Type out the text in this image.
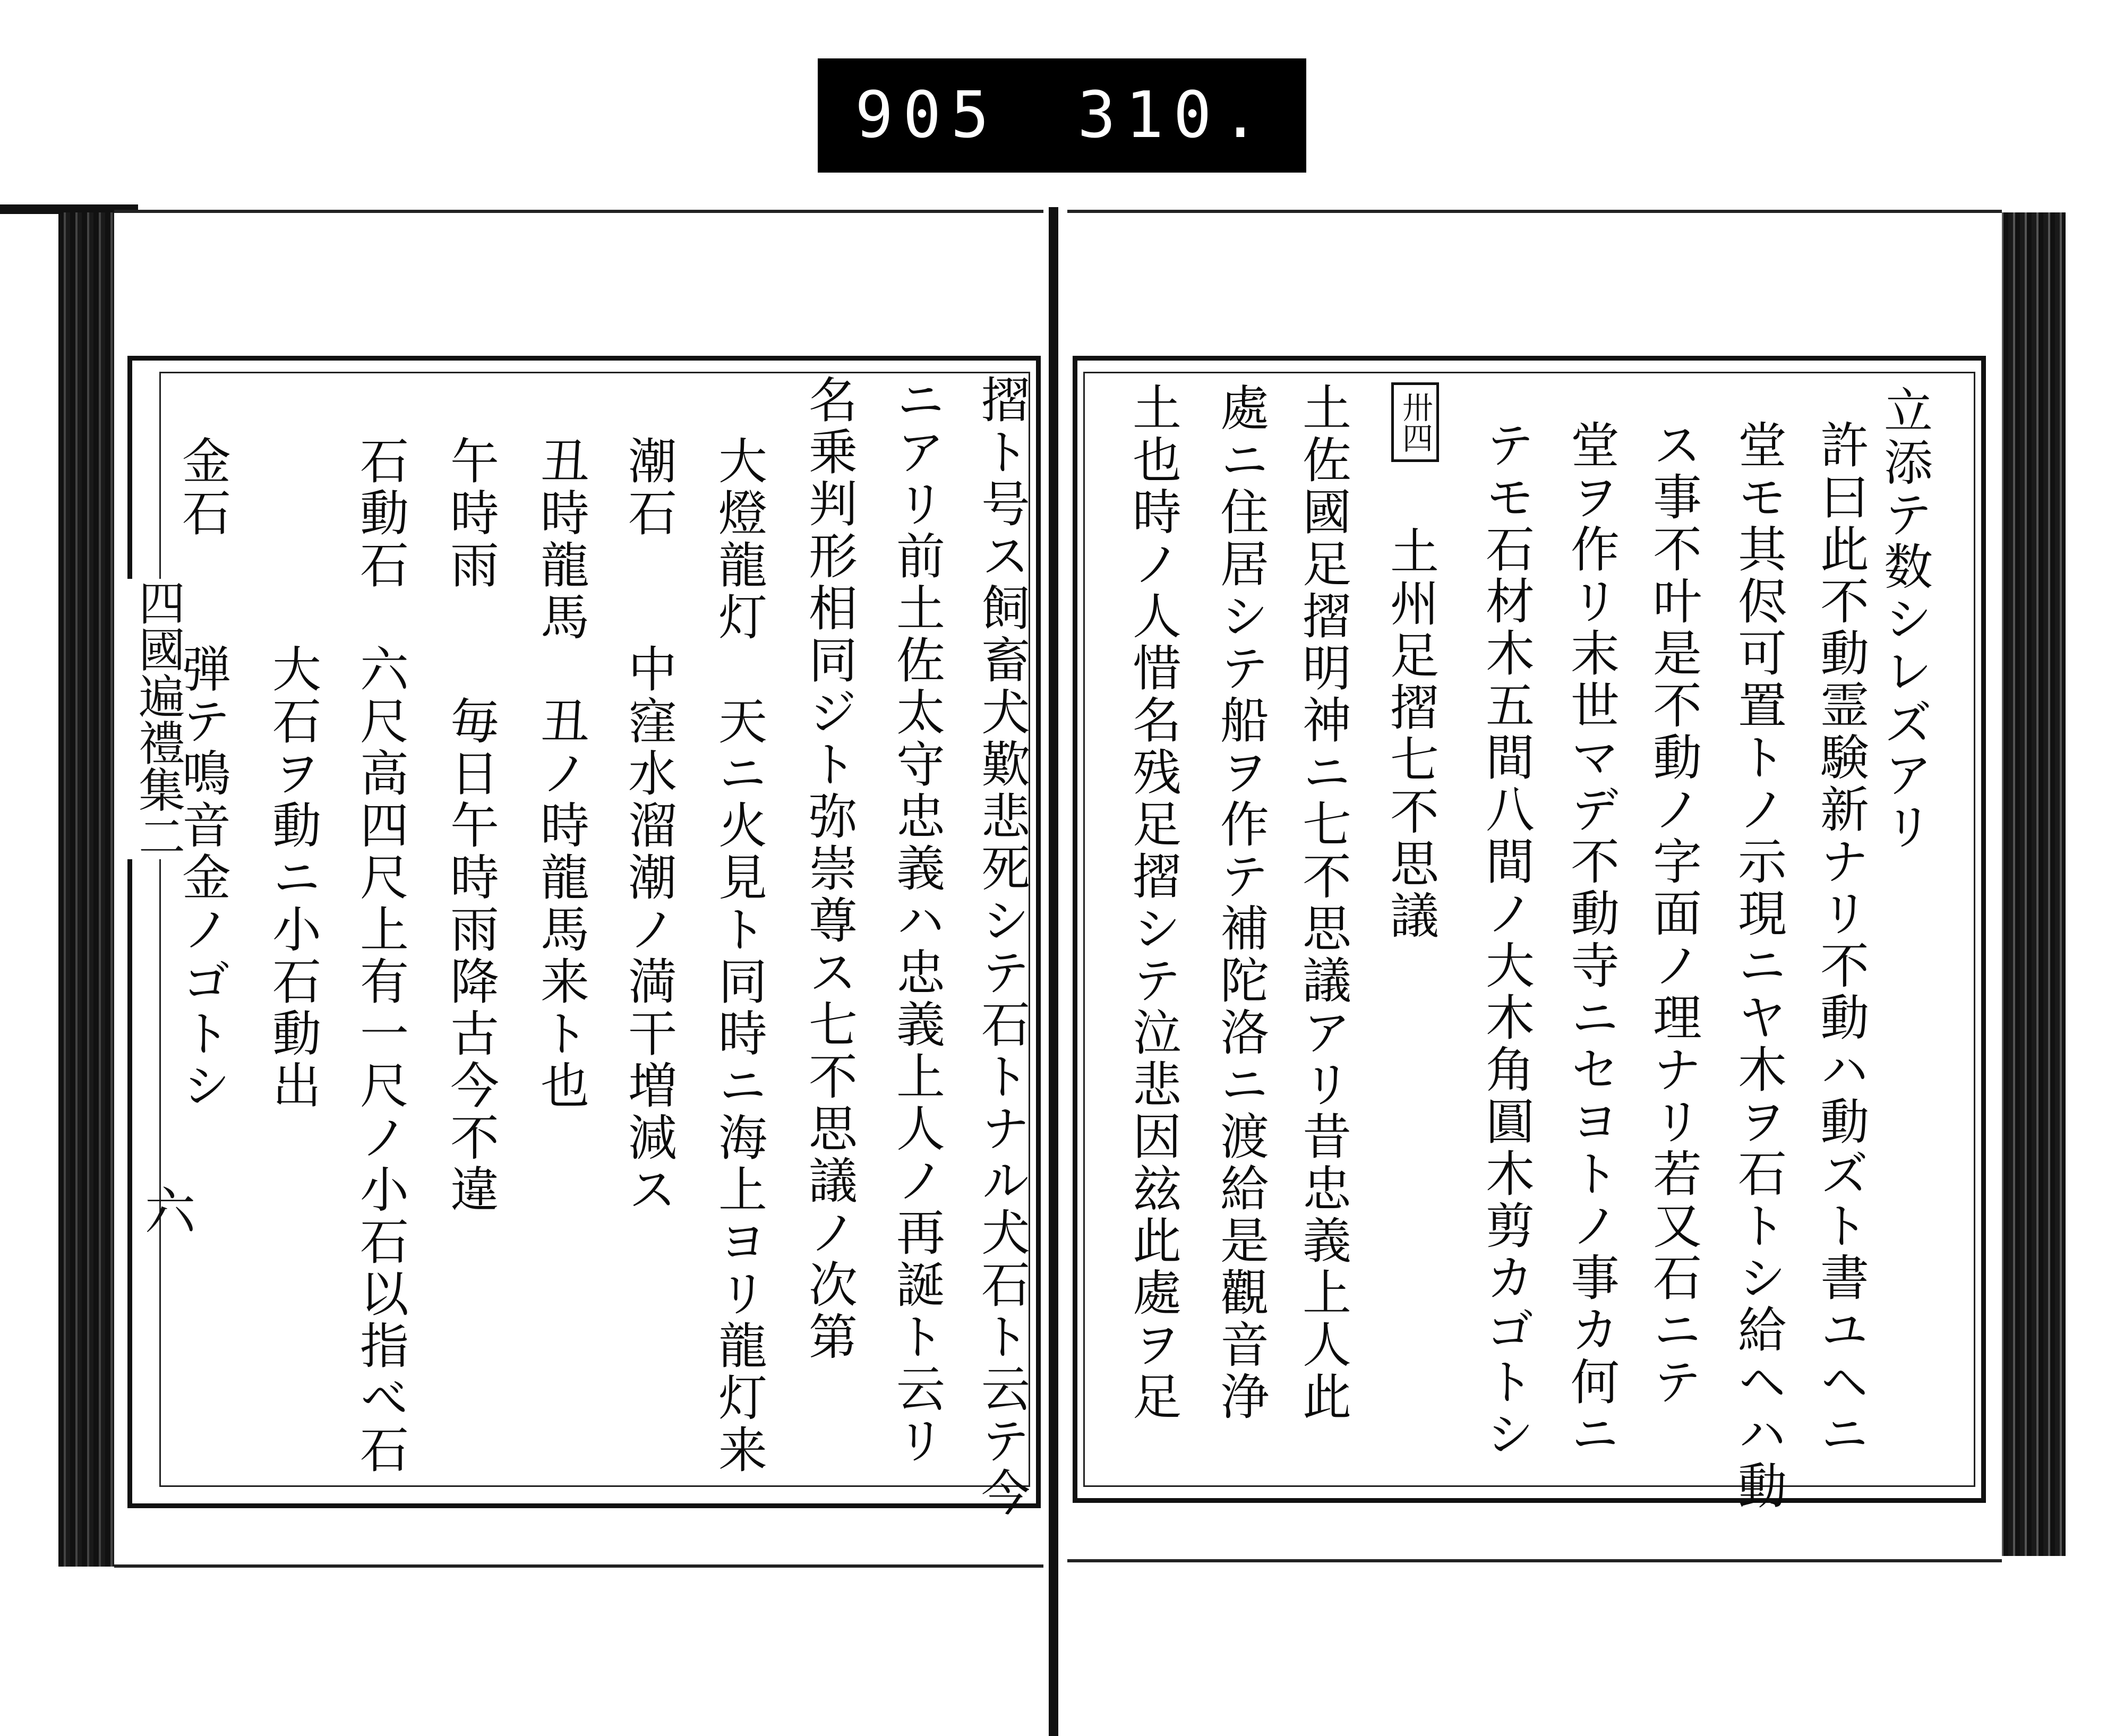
905 310.
四國遍禮集二
六
卅四	立添テ数シレズアリ
許曰此不動霊験新ナリ不動ハ動ズト書ユヘニ
堂モ其侭可置トノ示現ニヤ木ヲ石トシ給ヘハ動
ス事不叶是不動ノ字面ノ理ナリ若又石ニテ
堂ヲ作リ末世マデ不動寺ニセヨトノ事カ何ニ
テモ石材木五間八間ノ大木角圓木剪カゴトシ
土州足摺七不思議
土佐國足摺明神ニ七不思議アリ昔忠義上人此
處ニ住居シテ船ヲ作テ補陀洛ニ渡給是觀音浄
土也時ノ人惜名残足摺シテ泣悲因玆此處ヲ足
摺ト号ス飼畜犬歎悲死シテ石トナル犬石ト云テ今
ニアリ前土佐太守忠義ハ忠義上人ノ再誕ト云リ
名乗判形相同ジト弥崇尊ス七不思議ノ次第
大燈龍灯　天ニ火見ト同時ニ海上ヨリ龍灯来
潮石　　中窪水溜潮ノ満干増減ス
丑時龍馬　丑ノ時龍馬来ト也
午時雨　　毎日午時雨降古今不違
石動石　六尺高四尺上有一尺ノ小石以指べ石
　　　　大石ヲ動ニ小石動出
金石　　弾テ鳴音金ノゴトシ
